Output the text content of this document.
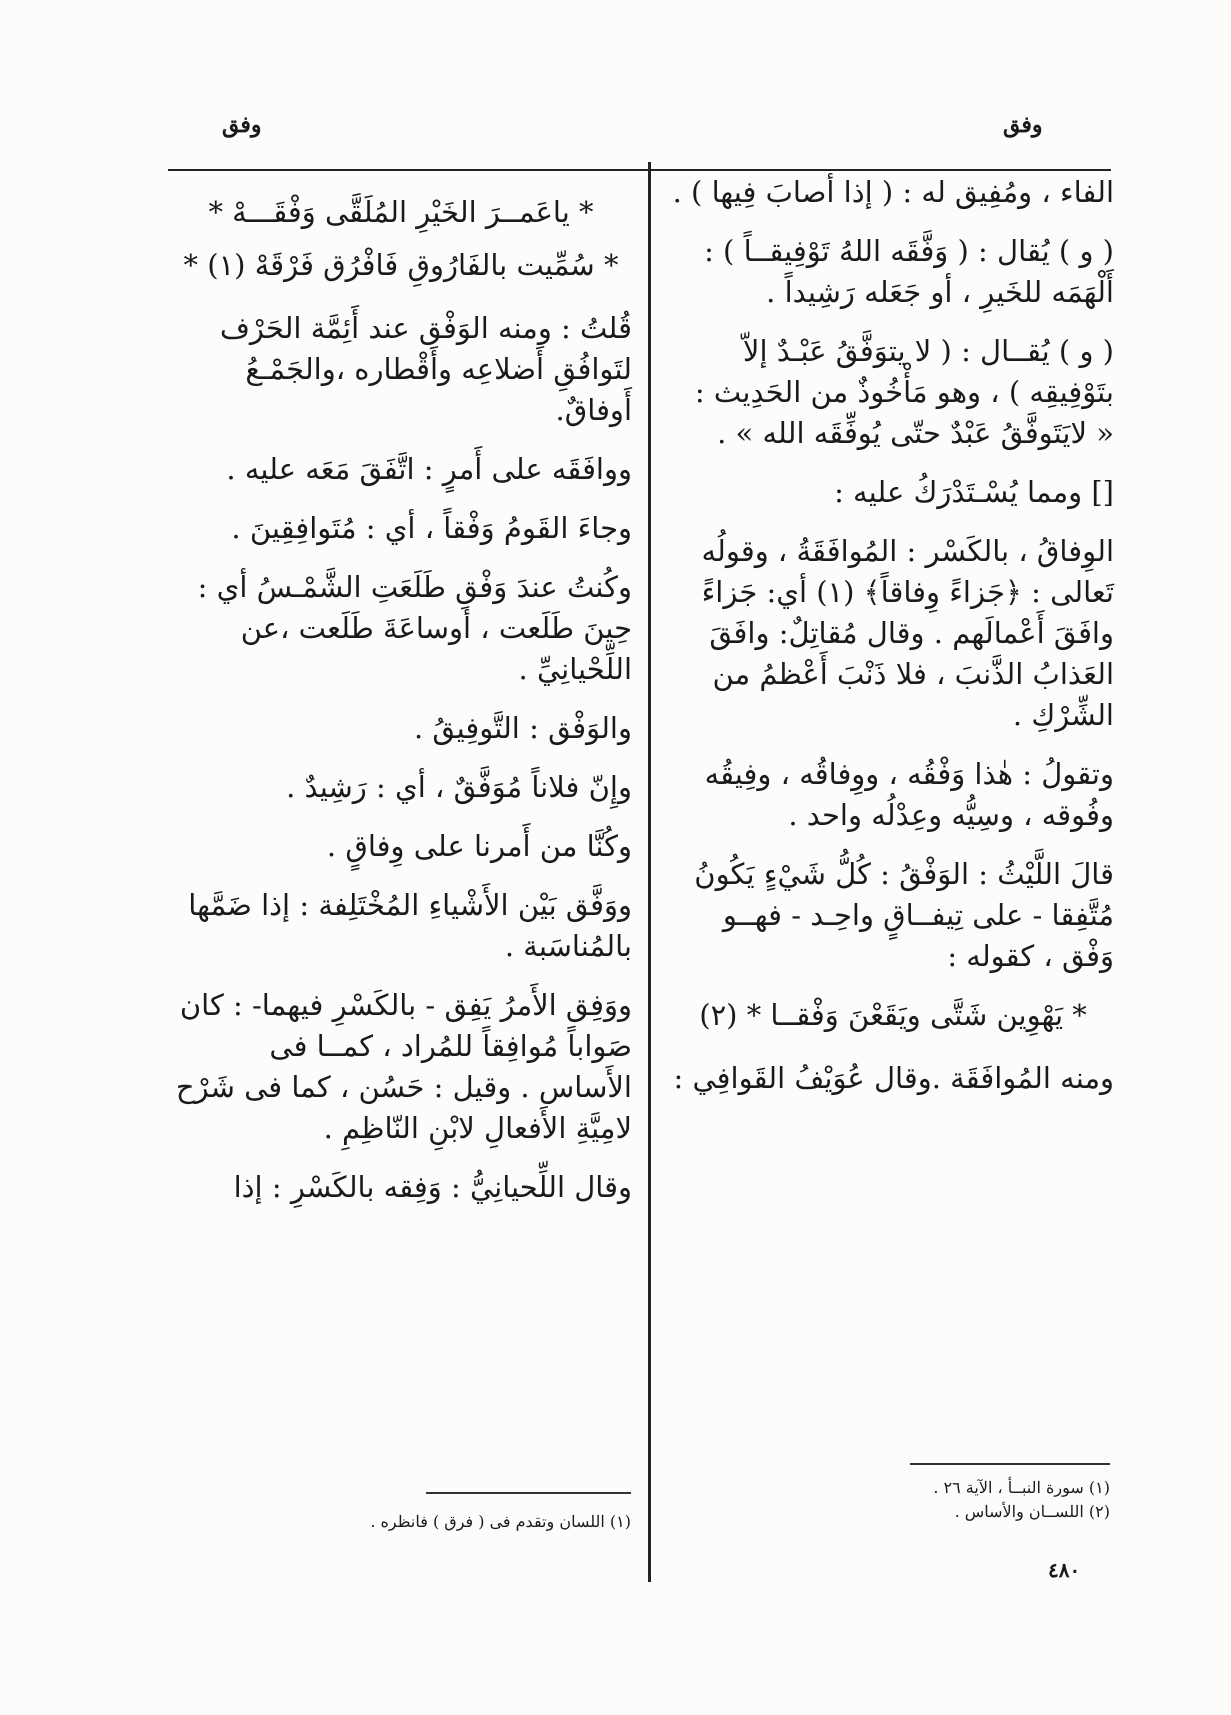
وفق
وفق

الفاء ، ومُفِيق له : ( إذا أصابَ فِيها ) .

( و ) يُقال : ( وَفَّقَه اللهُ تَوْفِيقــاً ) : أَلْهَمَه للخَيرِ ، أو جَعَله رَشِيداً .

( و ) يُقــال : ( لا يتوَفَّقُ عَبْـدٌ إلاّ بتَوْفِيقِه ) ، وهو مَأْخُوذٌ من الحَدِيث : « لايَتَوفَّقُ عَبْدٌ حتّى يُوفِّقَه الله » .

[] ومما يُسْـتَدْرَكُ عليه :

الوِفاقُ ، بالكَسْر : المُوافَقَةُ ، وقولُه تَعالى : ﴿جَزاءً وِفاقاً﴾ (١) أي: جَزاءً وافَقَ أَعْمالَهم . وقال مُقاتِلٌ: وافَقَ العَذابُ الذَّنبَ ، فلا ذَنْبَ أَعْظمُ من الشِّرْكِ .

وتقولُ : هٰذا وَفْقُه ، ووِفاقُه ، وفِيقُه وفُوقه ، وسِيُّه وعِدْلُه واحد .

قالَ اللَّيْثُ : الوَفْقُ : كُلُّ شَيْءٍ يَكُونُ مُتَّفِقا - على تِيفــاقٍ واحِـد - فهــو وَفْق ، كقوله :

* يَهْوِين شَتَّى ويَقَعْنَ وَفْقــا * (٢)

ومنه المُوافَقَة .وقال عُوَيْفُ القَوافِي :

* ياعَمــرَ الخَيْرِ المُلَقَّى وَفْقَـــهْ *

* سُمِّيت بالفَارُوقِ فَافْرُق فَرْقَهْ (١) *

قُلتُ : ومنه الوَفْق عند أَئِمَّة الحَرْف لتَوافُقِ أَضلاعِه وأَقْطاره ،والجَمْـعُ أَوفاقٌ.

ووافَقَه على أَمرٍ : اتَّفَقَ مَعَه عليه .

وجاءَ القَومُ وَفْقاً ، أي : مُتَوافِقِينَ .

وكُنتُ عندَ وَفْقِ طَلَعَتِ الشَّمْـسُ أي : حِينَ طَلَعت ، أوساعَةَ طَلَعت ،عن اللِّحْيانِيِّ .

والوَفْق : التَّوفِيقُ .

وإِنّ فلاناً مُوَفَّقٌ ، أي : رَشِيدٌ .

وكُنَّا من أَمرنا على وِفاقٍ .

ووَفَّق بَيْن الأَشْياءِ المُخْتَلِفة : إذا ضَمَّها بالمُناسَبة .

ووَفِق الأَمرُ يَفِق - بالكَسْرِ فيهما- : كان صَواباً مُوافِقاً للمُراد ، كمــا فى الأَساس . وقيل : حَسُن ، كما فى شَرْح لامِيَّةِ الأَفعالِ لابْنِ النّاظِمِ .

وقال اللِّحيانِيُّ : وَفِقه بالكَسْرِ : إذا

(١) سورة النبــأ ، الآية ٢٦ .
(٢) اللســان والأساس .
(١) اللسان وتقدم فى ( فرق ) فانظره .
٤٨٠
